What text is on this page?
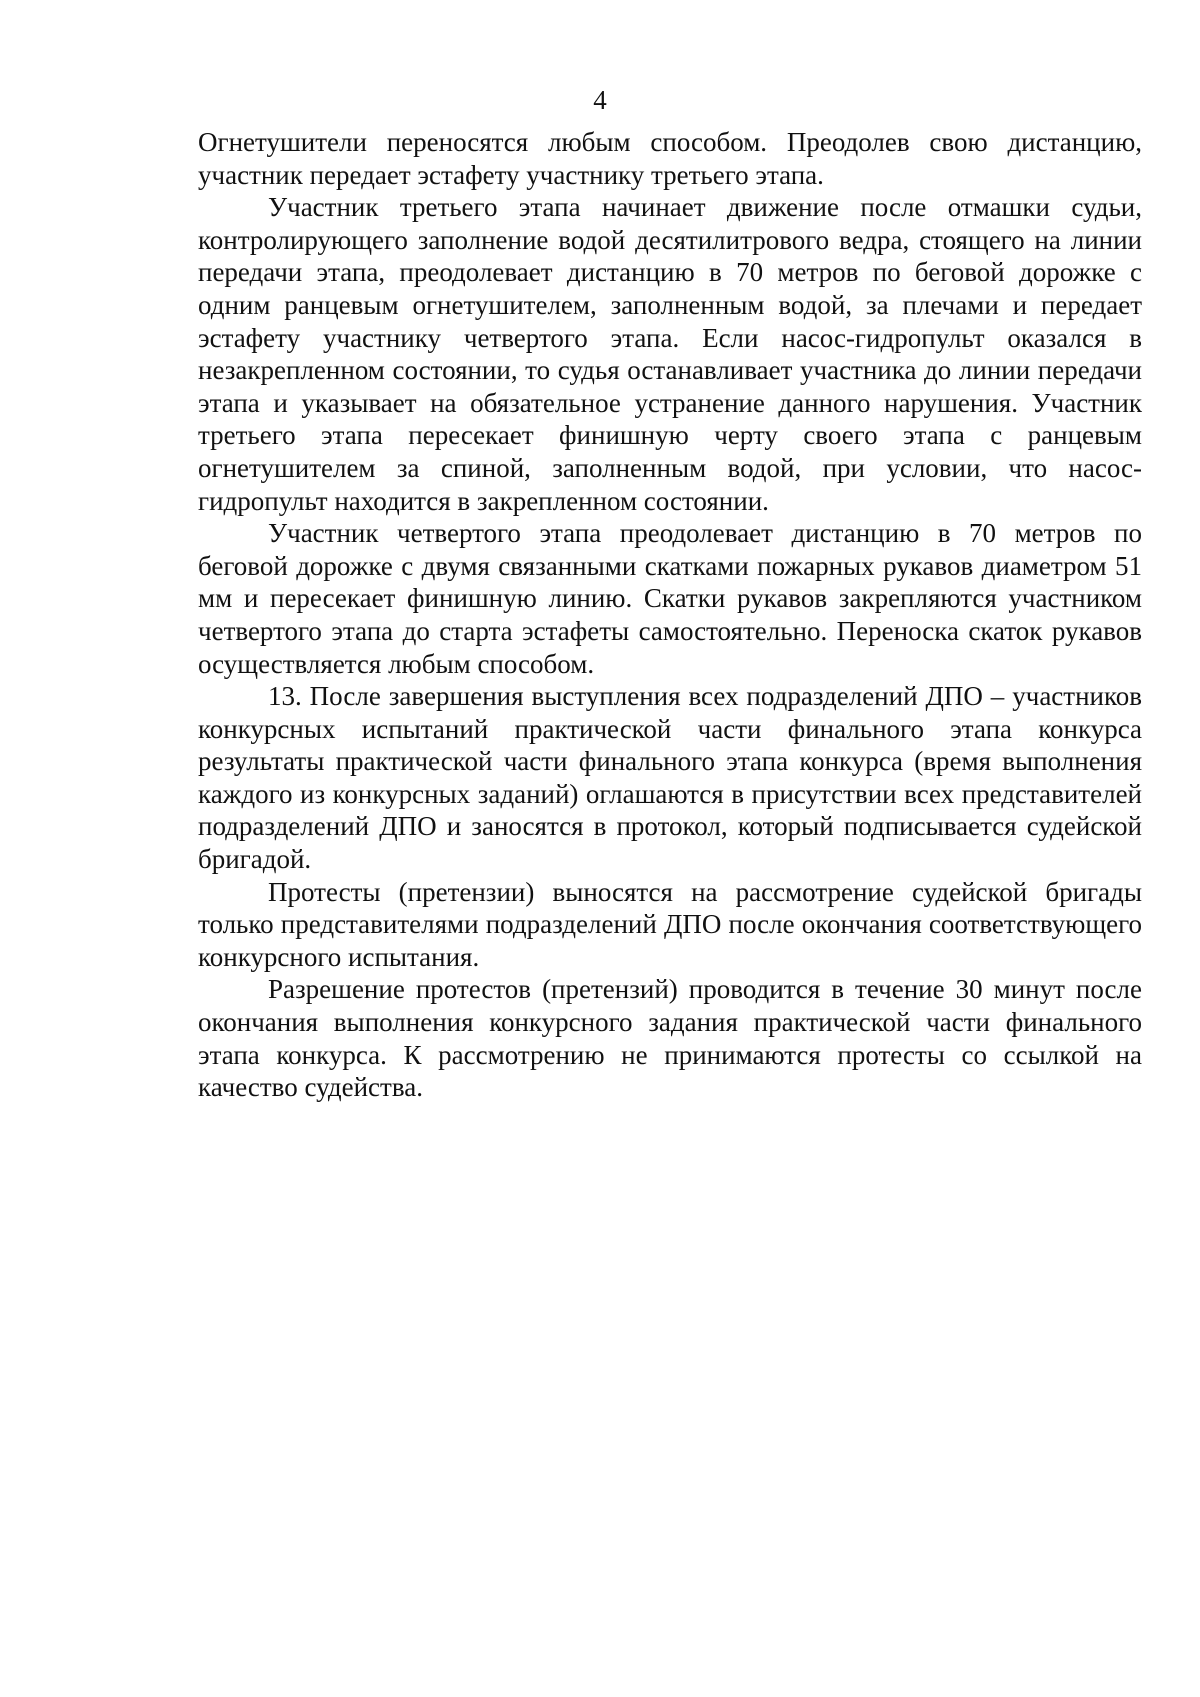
4

Огнетушители переносятся любым способом. Преодолев свою дистанцию, участник передает эстафету участнику третьего этапа.

Участник третьего этапа начинает движение после отмашки судьи, контролирующего заполнение водой десятилитрового ведра, стоящего на линии передачи этапа, преодолевает дистанцию в 70 метров по беговой дорожке с одним ранцевым огнетушителем, заполненным водой, за плечами и передает эстафету участнику четвертого этапа. Если насос-гидропульт оказался в незакрепленном состоянии, то судья останавливает участника до линии передачи этапа и указывает на обязательное устранение данного нарушения. Участник третьего этапа пересекает финишную черту своего этапа с ранцевым огнетушителем за спиной, заполненным водой, при условии, что насос-гидропульт находится в закрепленном состоянии.

Участник четвертого этапа преодолевает дистанцию в 70 метров по беговой дорожке с двумя связанными скатками пожарных рукавов диаметром 51 мм и пересекает финишную линию. Скатки рукавов закрепляются участником четвертого этапа до старта эстафеты самостоятельно. Переноска скаток рукавов осуществляется любым способом.

13. После завершения выступления всех подразделений ДПО – участников конкурсных испытаний практической части финального этапа конкурса результаты практической части финального этапа конкурса (время выполнения каждого из конкурсных заданий) оглашаются в присутствии всех представителей подразделений ДПО и заносятся в протокол, который подписывается судейской бригадой.

Протесты (претензии) выносятся на рассмотрение судейской бригады только представителями подразделений ДПО после окончания соответствующего конкурсного испытания.

Разрешение протестов (претензий) проводится в течение 30 минут после окончания выполнения конкурсного задания практической части финального этапа конкурса. К рассмотрению не принимаются протесты со ссылкой на качество судейства.
